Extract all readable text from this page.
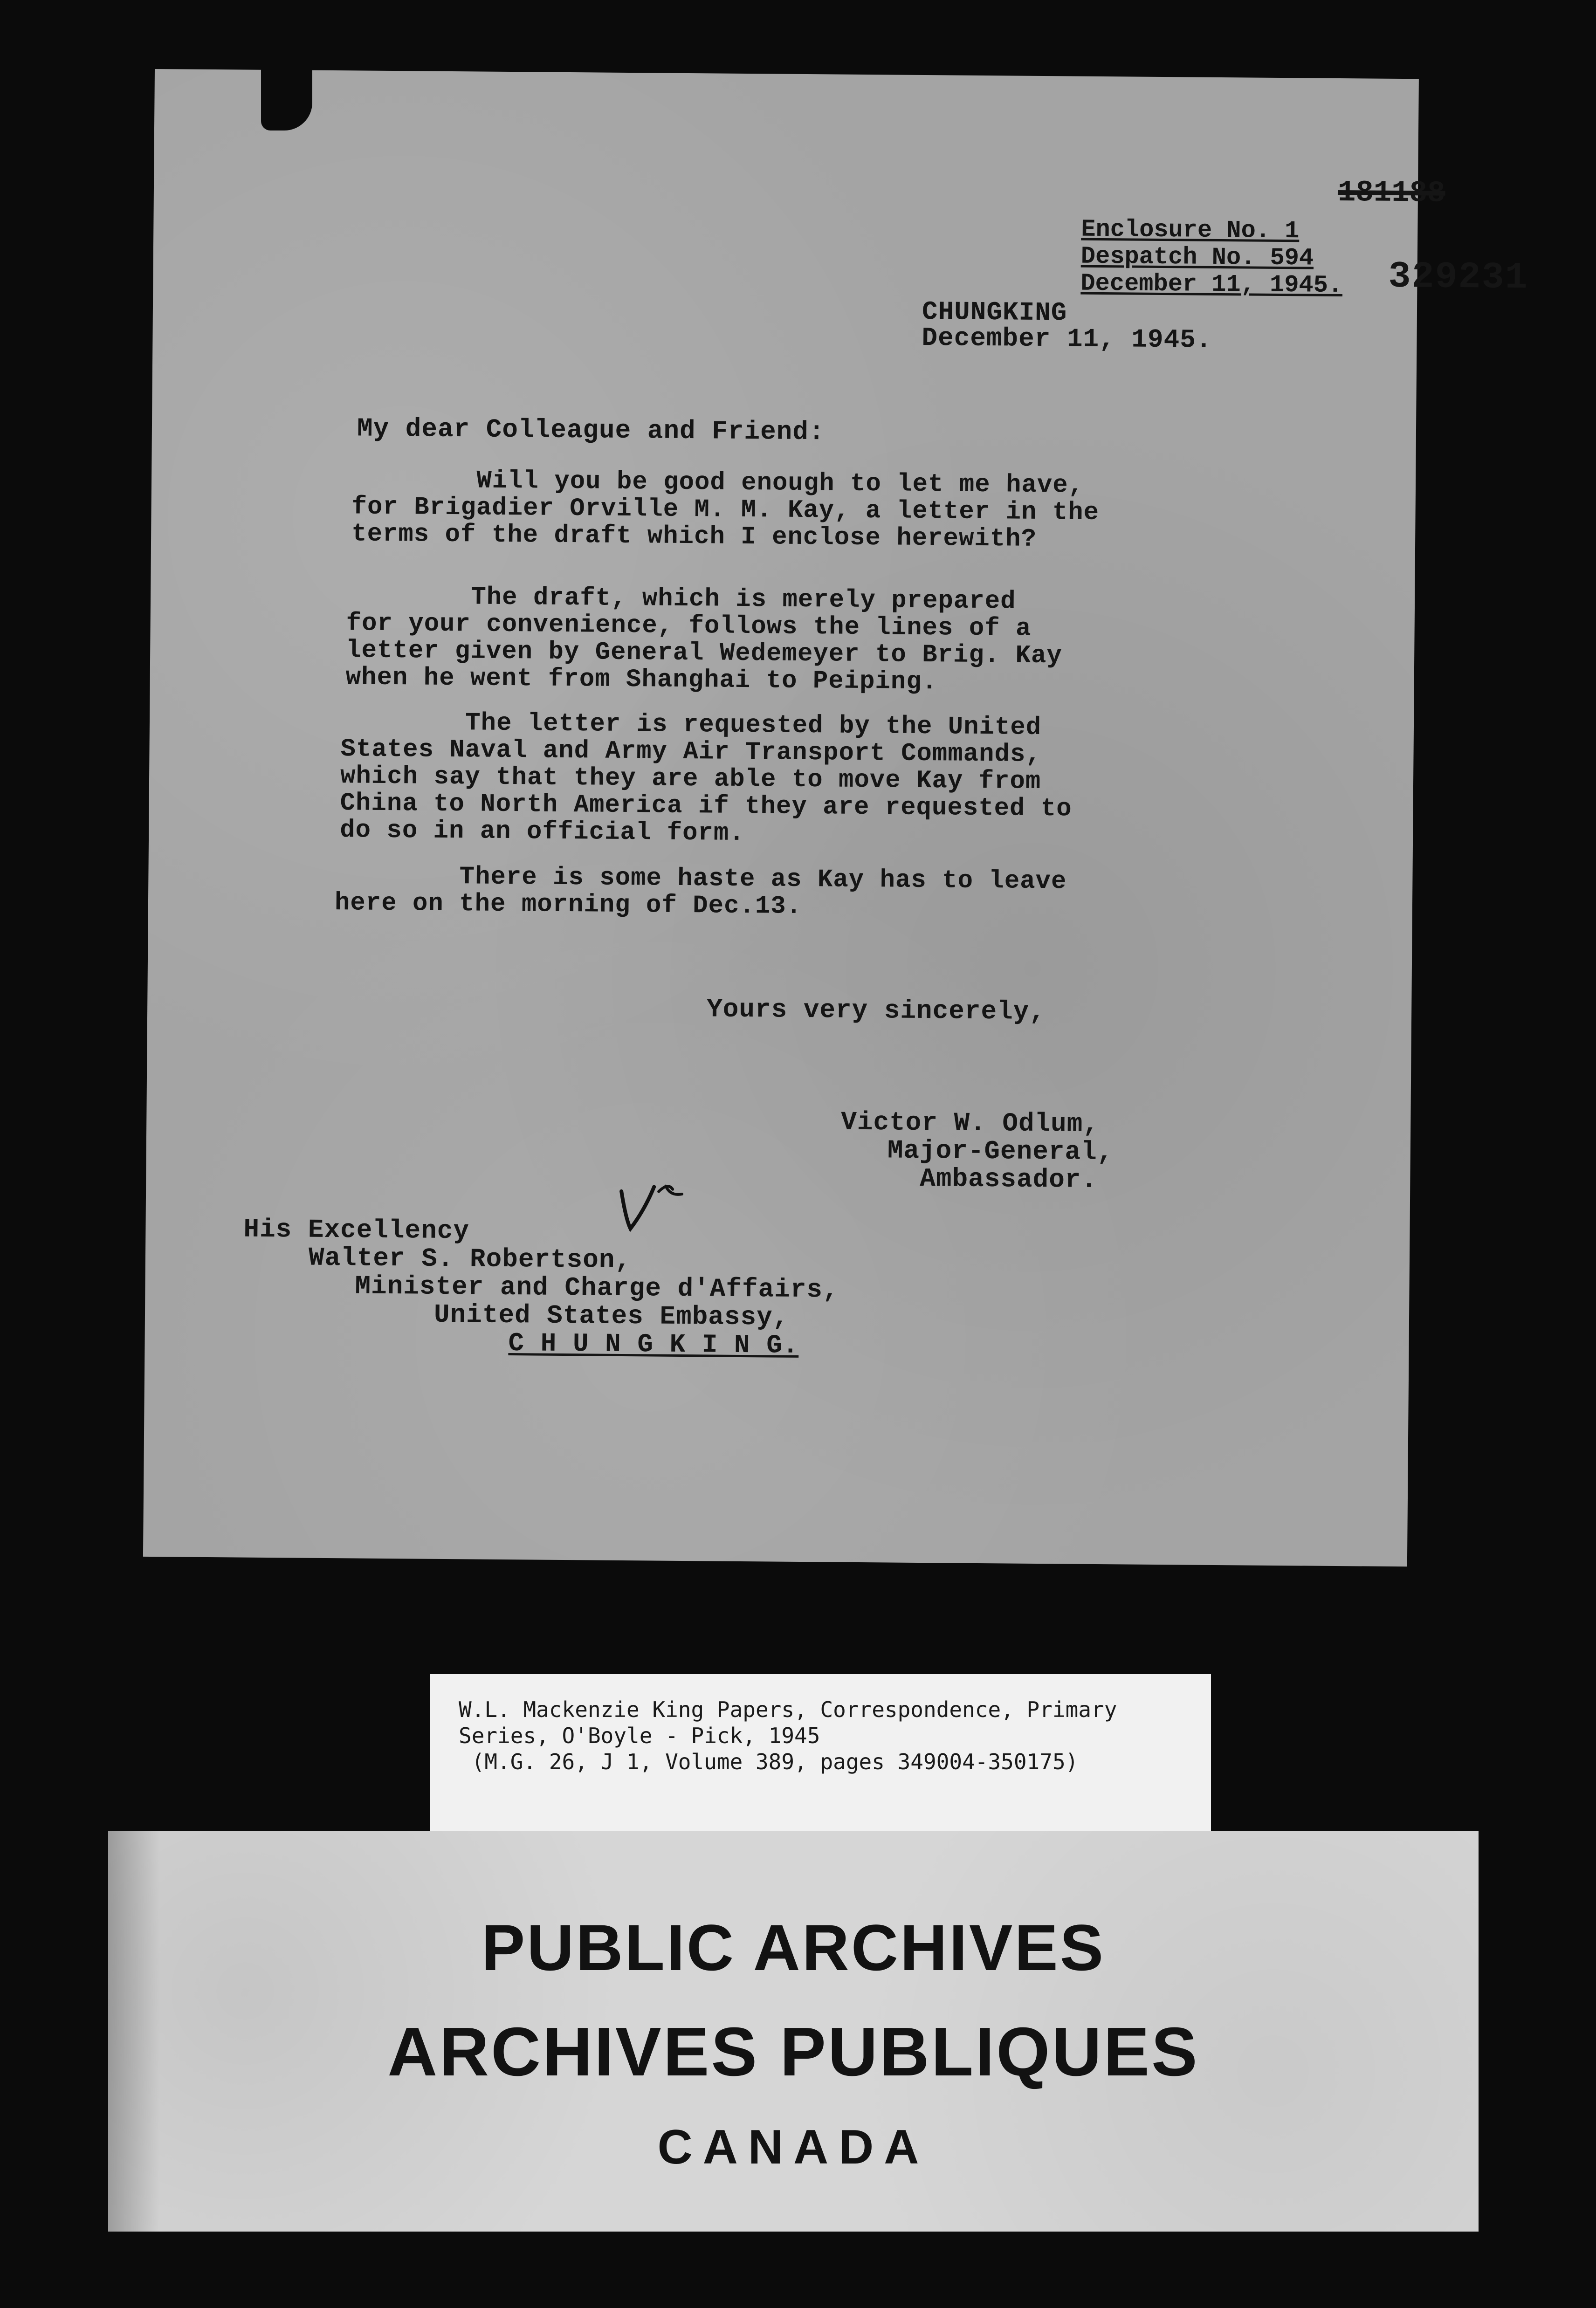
181188
Enclosure No. 1
Despatch No. 594
December 11, 1945. 329231
CHUNGKING
December 11, 1945.
My dear Colleague and Friend:
Will you be good enough to let me have,
for Brigadier Orville M. M. Kay, a letter in the
terms of the draft which I enclose herewith?
The draft, which is merely prepared
for your convenience, follows the lines of a
letter given by General Wedemeyer to Brig. Kay
when he went from Shanghai to Peiping.
The letter is requested by the United
States Naval and Army Air Transport Commands,
which say that they are able to move Kay from
China to North America if they are requested to
do so in an official form.
There is some haste as Kay has to leave
here on the morning of Dec.13.
Yours very sincerely,
Victor W. Odlum,
Major-General,
Ambassador.
His Excellency
Walter S. Robertson,
Minister and Charge d'Affairs,
United States Embassy,
C H U N G K I N G.
W.L. Mackenzie King Papers, Correspondence, Primary
Series, O'Boyle - Pick, 1945
(M.G. 26, J 1, Volume 389, pages 349004-350175)
PUBLIC ARCHIVES
ARCHIVES PUBLIQUES
CANADA
